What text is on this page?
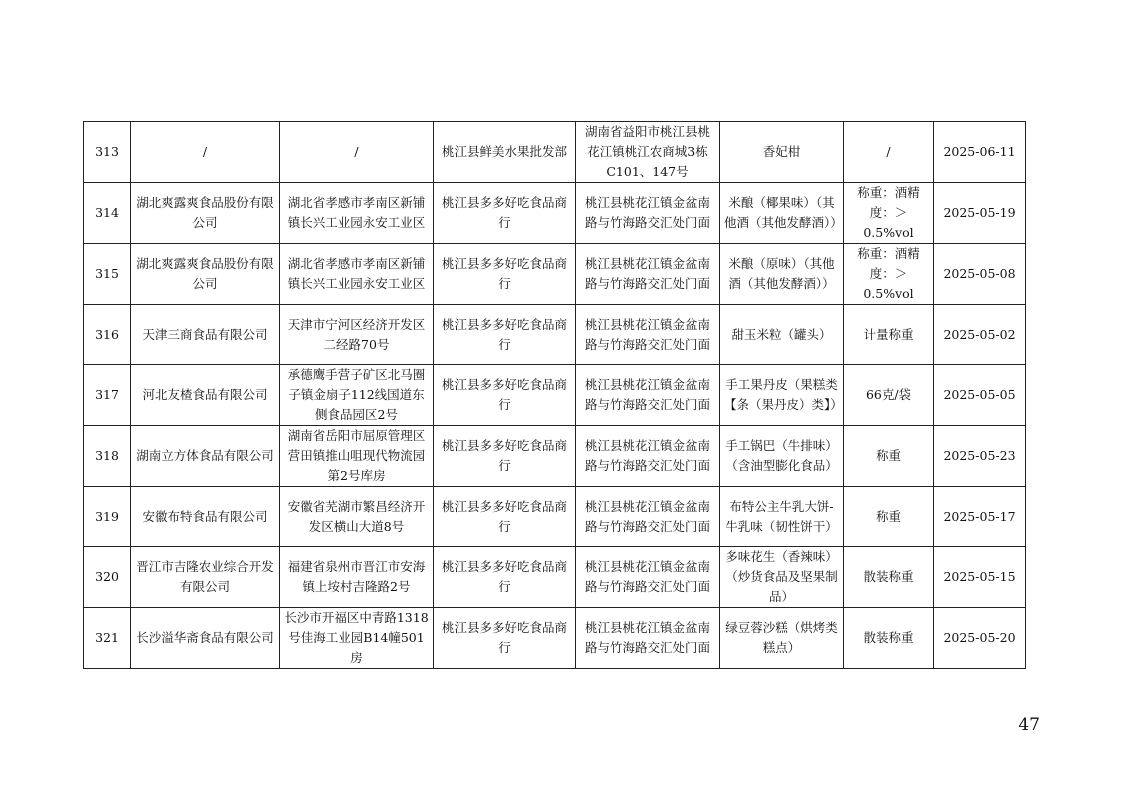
313	/	/	桃江县鲜美水果批发部	湖南省益阳市桃江县桃花江镇桃江农商城3栋C101、147号	香妃柑	/	2025-06-11
314	湖北爽露爽食品股份有限公司	湖北省孝感市孝南区新铺镇长兴工业园永安工业区	桃江县多多好吃食品商行	桃江县桃花江镇金盆南路与竹海路交汇处门面	米酿（椰果味）（其他酒（其他发酵酒））	称重：酒精度：＞0.5%vol	2025-05-19
315	湖北爽露爽食品股份有限公司	湖北省孝感市孝南区新铺镇长兴工业园永安工业区	桃江县多多好吃食品商行	桃江县桃花江镇金盆南路与竹海路交汇处门面	米酿（原味）（其他酒（其他发酵酒））	称重：酒精度：＞0.5%vol	2025-05-08
316	天津三商食品有限公司	天津市宁河区经济开发区二经路70号	桃江县多多好吃食品商行	桃江县桃花江镇金盆南路与竹海路交汇处门面	甜玉米粒（罐头）	计量称重	2025-05-02
317	河北友楂食品有限公司	承德鹰手营子矿区北马圈子镇金扇子112线国道东侧食品园区2号	桃江县多多好吃食品商行	桃江县桃花江镇金盆南路与竹海路交汇处门面	手工果丹皮（果糕类【条（果丹皮）类】）	66克/袋	2025-05-05
318	湖南立方体食品有限公司	湖南省岳阳市屈原管理区营田镇推山咀现代物流园第2号库房	桃江县多多好吃食品商行	桃江县桃花江镇金盆南路与竹海路交汇处门面	手工锅巴（牛排味）（含油型膨化食品）	称重	2025-05-23
319	安徽布特食品有限公司	安徽省芜湖市繁昌经济开发区横山大道8号	桃江县多多好吃食品商行	桃江县桃花江镇金盆南路与竹海路交汇处门面	布特公主牛乳大饼-牛乳味（韧性饼干）	称重	2025-05-17
320	晋江市吉隆农业综合开发有限公司	福建省泉州市晋江市安海镇上垵村吉隆路2号	桃江县多多好吃食品商行	桃江县桃花江镇金盆南路与竹海路交汇处门面	多味花生（香辣味）（炒货食品及坚果制品）	散装称重	2025-05-15
321	长沙溢华斋食品有限公司	长沙市开福区中青路1318号佳海工业园B14幢501房	桃江县多多好吃食品商行	桃江县桃花江镇金盆南路与竹海路交汇处门面	绿豆蓉沙糕（烘烤类糕点）	散装称重	2025-05-20
47
